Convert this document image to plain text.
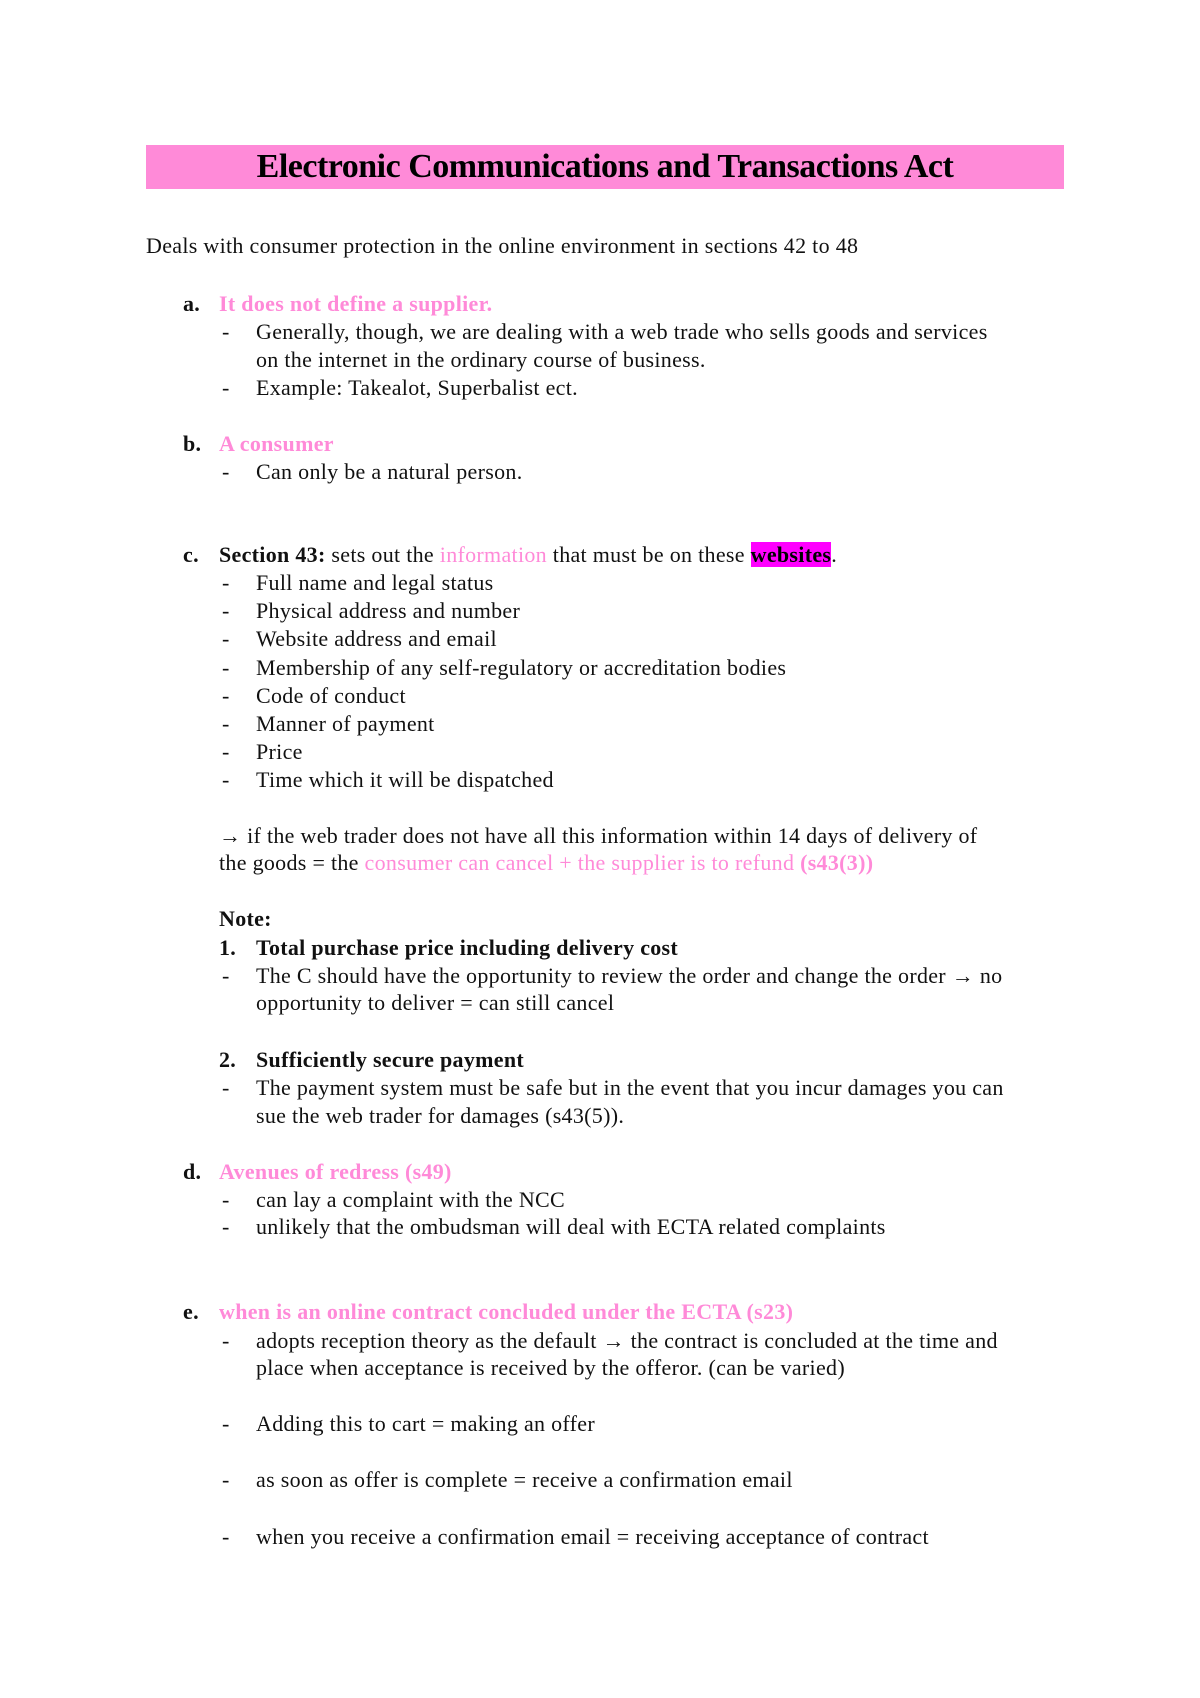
Electronic Communications and Transactions Act
Deals with consumer protection in the online environment in sections 42 to 48
a. It does not define a supplier.
- Generally, though, we are dealing with a web trade who sells goods and services
on the internet in the ordinary course of business.
- Example: Takealot, Superbalist ect.
b. A consumer
- Can only be a natural person.
c. Section 43: sets out the information that must be on these websites.
- Full name and legal status
- Physical address and number
- Website address and email
- Membership of any self-regulatory or accreditation bodies
- Code of conduct
- Manner of payment
- Price
- Time which it will be dispatched
→ if the web trader does not have all this information within 14 days of delivery of
the goods = the consumer can cancel + the supplier is to refund (s43(3))
Note:
1. Total purchase price including delivery cost
- The C should have the opportunity to review the order and change the order → no
opportunity to deliver = can still cancel
2. Sufficiently secure payment
- The payment system must be safe but in the event that you incur damages you can
sue the web trader for damages (s43(5)).
d. Avenues of redress (s49)
- can lay a complaint with the NCC
- unlikely that the ombudsman will deal with ECTA related complaints
e. when is an online contract concluded under the ECTA (s23)
- adopts reception theory as the default → the contract is concluded at the time and
place when acceptance is received by the offeror. (can be varied)
- Adding this to cart = making an offer
- as soon as offer is complete = receive a confirmation email
- when you receive a confirmation email = receiving acceptance of contract
